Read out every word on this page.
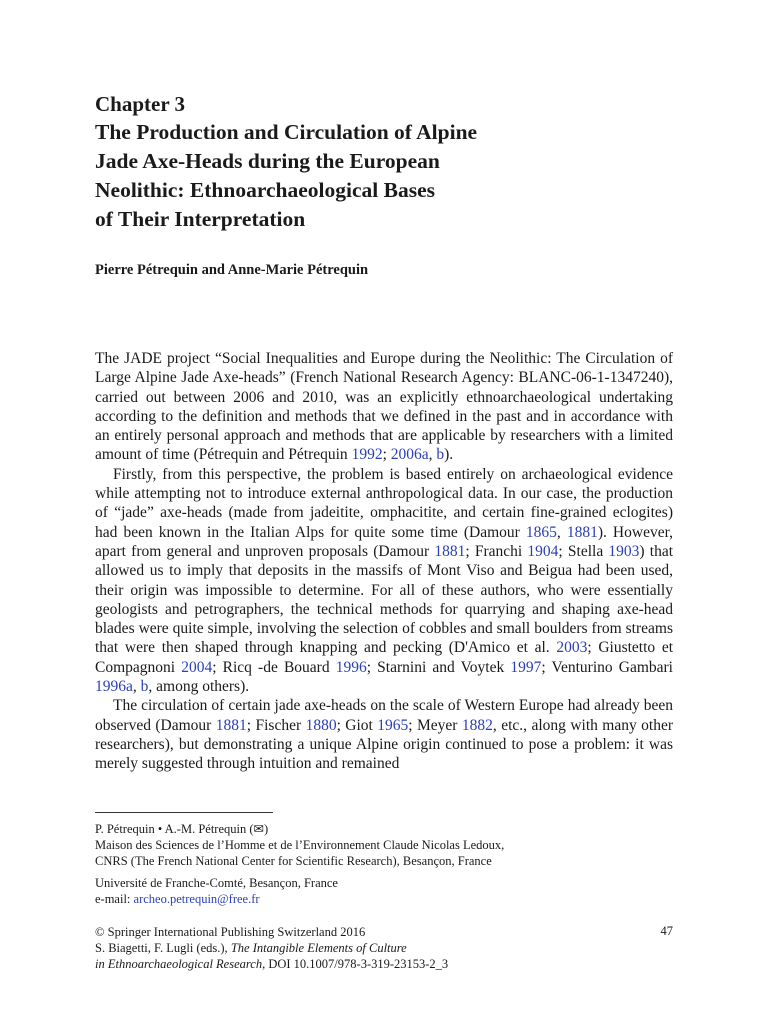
Chapter 3
The Production and Circulation of Alpine
Jade Axe-Heads during the European
Neolithic: Ethnoarchaeological Bases
of Their Interpretation
Pierre Pétrequin and Anne-Marie Pétrequin

The JADE project “Social Inequalities and Europe during the Neolithic: The Circulation of Large Alpine Jade Axe-heads” (French National Research Agency: BLANC-06-1-1347240), carried out between 2006 and 2010, was an explicitly ethnoarchaeological undertaking according to the definition and methods that we defined in the past and in accordance with an entirely personal approach and methods that are applicable by researchers with a limited amount of time (Pétrequin and Pétrequin 1992; 2006a, b).

Firstly, from this perspective, the problem is based entirely on archaeological evidence while attempting not to introduce external anthropological data. In our case, the production of “jade” axe-heads (made from jadeitite, omphacitite, and certain fine-grained eclogites) had been known in the Italian Alps for quite some time (Damour 1865, 1881). However, apart from general and unproven proposals (Damour 1881; Franchi 1904; Stella 1903) that allowed us to imply that deposits in the massifs of Mont Viso and Beigua had been used, their origin was impossible to determine. For all of these authors, who were essentially geologists and petrographers, the technical methods for quarrying and shaping axe-head blades were quite simple, involving the selection of cobbles and small boulders from streams that were then shaped through knapping and pecking (D'Amico et al. 2003; Giustetto et Compagnoni 2004; Ricq -de Bouard 1996; Starnini and Voytek 1997; Venturino Gambari 1996a, b, among others).

The circulation of certain jade axe-heads on the scale of Western Europe had already been observed (Damour 1881; Fischer 1880; Giot 1965; Meyer 1882, etc., along with many other researchers), but demonstrating a unique Alpine origin continued to pose a problem: it was merely suggested through intuition and remained

P. Pétrequin • A.-M. Pétrequin (✉)
Maison des Sciences de l’Homme et de l’Environnement Claude Nicolas Ledoux,
CNRS (The French National Center for Scientific Research), Besançon, France
Université de Franche-Comté, Besançon, France
e-mail: archeo.petrequin@free.fr
© Springer International Publishing Switzerland 2016
S. Biagetti, F. Lugli (eds.), The Intangible Elements of Culture
in Ethnoarchaeological Research, DOI 10.1007/978-3-319-23153-2_3
47
